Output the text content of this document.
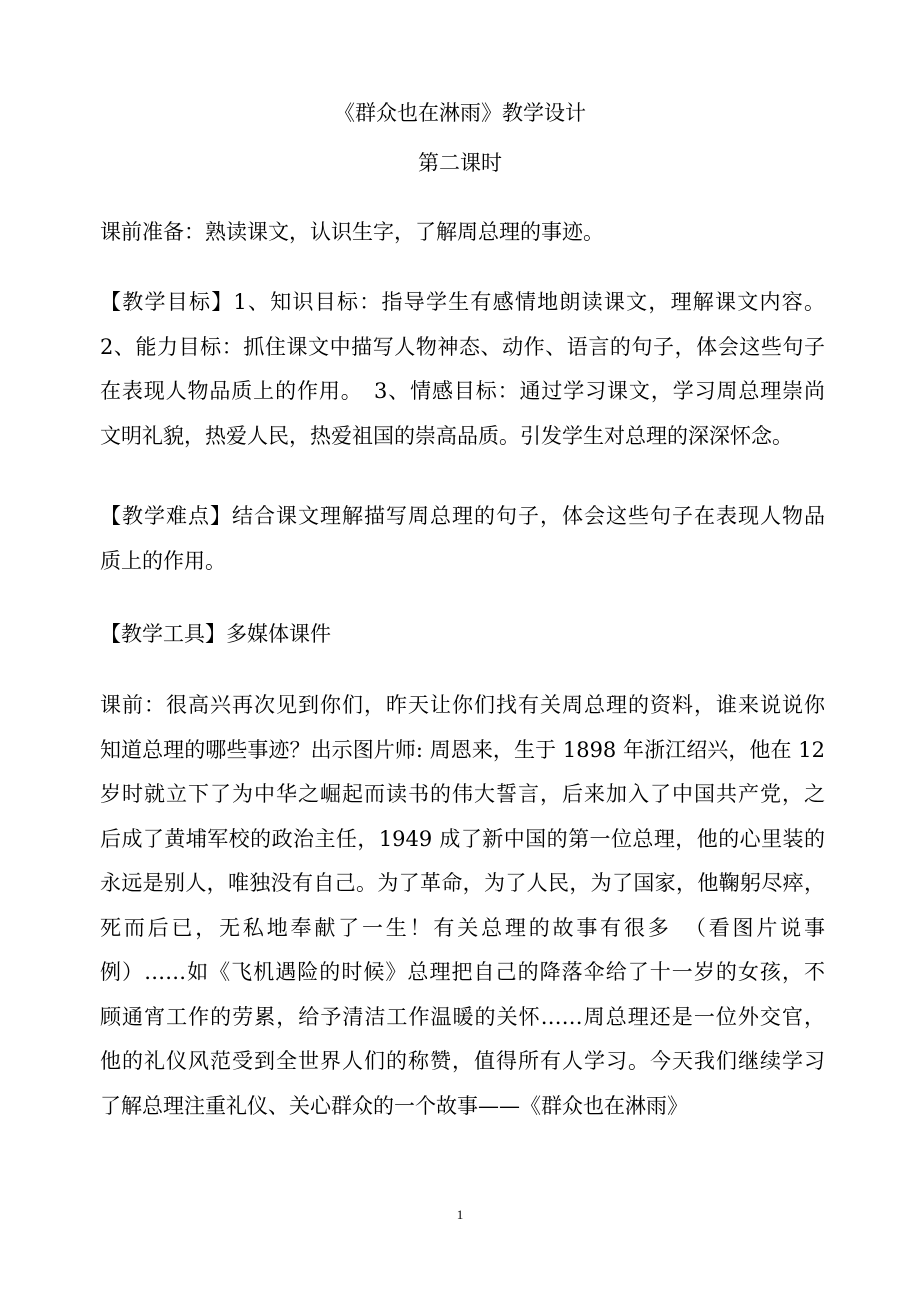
《群众也在淋雨》教学设计
第二课时
课前准备：熟读课文，认识生字，了解周总理的事迹。
【教学目标】1、知识目标：指导学生有感情地朗读课文，理解课文内容。
2、能力目标：抓住课文中描写人物神态、动作、语言的句子，体会这些句子
在表现人物品质上的作用。　3、情感目标：通过学习课文，学习周总理崇尚
文明礼貌，热爱人民，热爱祖国的崇高品质。引发学生对总理的深深怀念。
【教学难点】结合课文理解描写周总理的句子，体会这些句子在表现人物品
质上的作用。
【教学工具】多媒体课件
课前：很高兴再次见到你们，昨天让你们找有关周总理的资料，谁来说说你
知道总理的哪些事迹？出示图片师: 周恩来，生于 1898 年浙江绍兴，他在 12
岁时就立下了为中华之崛起而读书的伟大誓言，后来加入了中国共产党，之
后成了黄埔军校的政治主任，1949 成了新中国的第一位总理，他的心里装的
永远是别人，唯独没有自己。为了革命，为了人民，为了国家，他鞠躬尽瘁，
死而后已，无私地奉献了一生！有关总理的故事有很多　（看图片说事
例）……如《飞机遇险的时候》总理把自己的降落伞给了十一岁的女孩，不
顾通宵工作的劳累，给予清洁工作温暖的关怀……周总理还是一位外交官，
他的礼仪风范受到全世界人们的称赞，值得所有人学习。今天我们继续学习
了解总理注重礼仪、关心群众的一个故事——《群众也在淋雨》
1
